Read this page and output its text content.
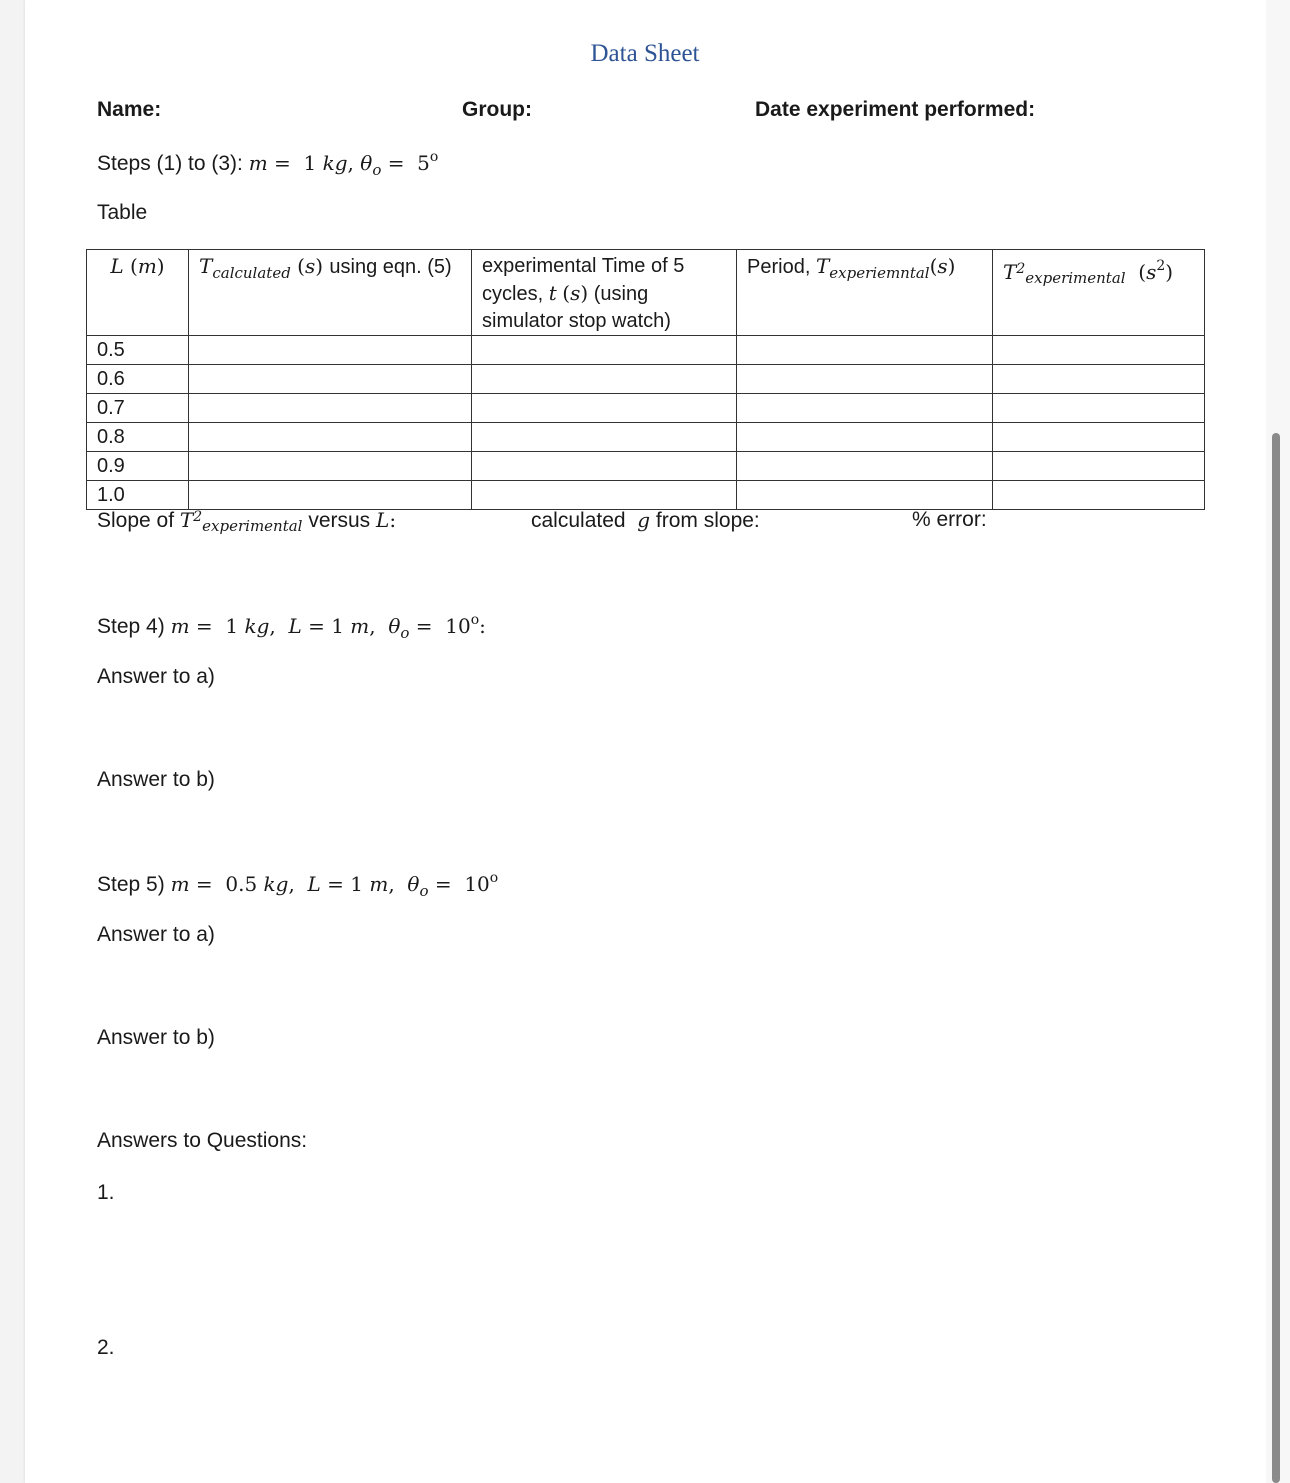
Data Sheet
Name:	Group:	Date experiment performed:
Steps (1) to (3): m =  1 kg, $\theta_o = 5^o$
Table
L (m)	$T_{calculated}$ (s) using eqn. (5)	experimental Time of 5
cycles, t (s) (using
simulator stop watch)	Period, $T_{experiemntal}(s)$	$T^2_{experimental}$  $(s^2)$
0.5				
0.6				
0.7				
0.8				
0.9				
1.0				
Slope of $T^2_{experimental}$ versus L:	calculated g from slope:	% error:
Step 4) m =  1 kg,  L = 1 m,  $\theta_o = 10^o$:
Answer to a)
Answer to b)
Step 5) m =  0.5 kg,  L = 1 m,  $\theta_o = 10^o$
Answer to a)
Answer to b)
Answers to Questions:
1.
2.
